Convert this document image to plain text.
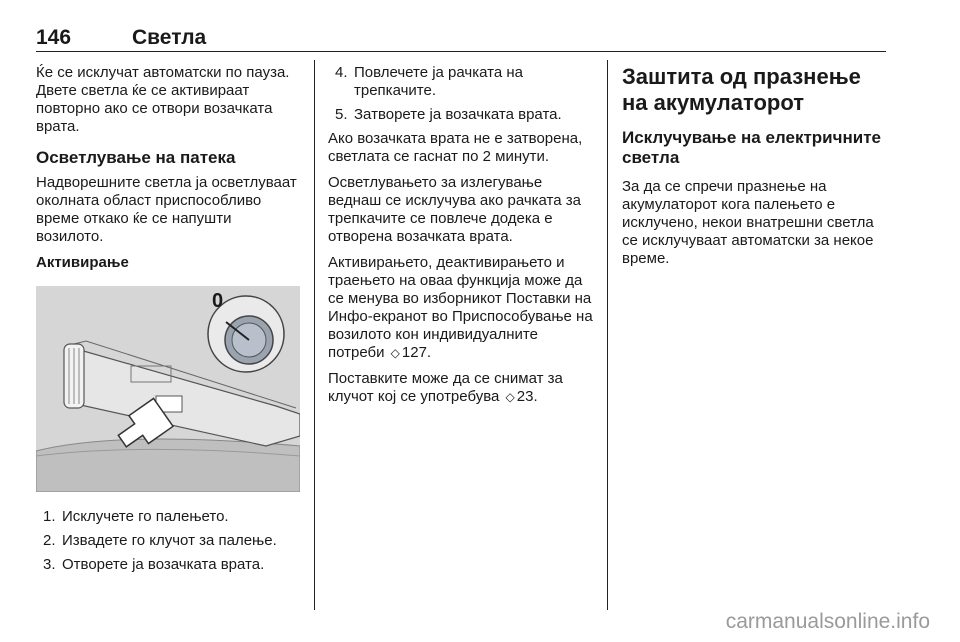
146	Светла

Ќе се исклучат автоматски по пауза. Двете светла ќе се активираат повторно ако се отвори возачката врата.

Осветлување на патека

Надворешните светла ја осветлуваат околната област приспособливо време откако ќе се напушти возилото.

Активирање
0
1. Исклучете го палењето.
2. Извадете го клучот за палење.
3. Отворете ја возачката врата.
4. Повлечете ја рачката на трепкачите.
5. Затворете ја возачката врата.

Ако возачката врата не е затворена, светлата се гаснат по 2 минути.

Осветлувањето за излегување веднаш се исклучува ако рачката за трепкачите се повлече додека е отворена возачката врата.

Активирањето, деактивирањето и траењето на оваа функција може да се менува во изборникот Поставки на Инфо-екранот во Приспособување на возилото кон индивидуалните потреби ◇ 127.

Поставките може да се снимат за клучот кој се употребува ◇ 23.

Заштита од празнење на акумулаторот
Исклучување на електричните светла

За да се спречи празнење на акумулаторот кога палењето е исклучено, некои внатрешни светла се исклучуваат автоматски за некое време.

carmanualsonline.info
